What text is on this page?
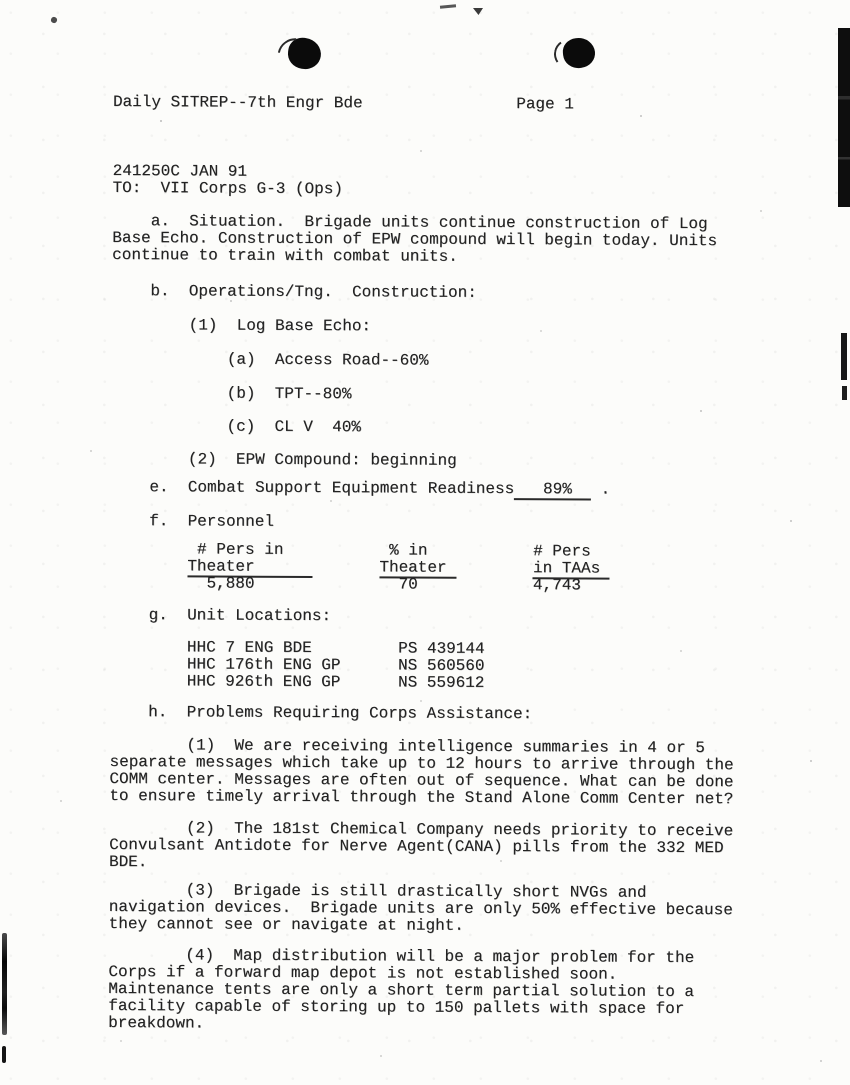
Daily SITREP--7th Engr Bde                Page 1
241250C JAN 91
TO:  VII Corps G-3 (Ops)
a.  Situation.  Brigade units continue construction of Log
Base Echo. Construction of EPW compound will begin today. Units
continue to train with combat units.
b.  Operations/Tng.  Construction:
(1)  Log Base Echo:
(a)  Access Road--60%
(b)  TPT--80%
(c)  CL V  40%
(2)  EPW Compound: beginning
e.  Combat Support Equipment Readiness   89%   .
f.  Personnel
# Pers in           % in           # Pers
Theater	Theater	in TAAs
5,880               70            4,743
g.  Unit Locations:
HHC 7 ENG BDE         PS 439144
HHC 176th ENG GP      NS 560560
HHC 926th ENG GP      NS 559612
h.  Problems Requiring Corps Assistance:
(1)  We are receiving intelligence summaries in 4 or 5
separate messages which take up to 12 hours to arrive through the
COMM center. Messages are often out of sequence. What can be done
to ensure timely arrival through the Stand Alone Comm Center net?
(2)  The 181st Chemical Company needs priority to receive
Convulsant Antidote for Nerve Agent(CANA) pills from the 332 MED
BDE.
(3)  Brigade is still drastically short NVGs and
navigation devices.  Brigade units are only 50% effective because
they cannot see or navigate at night.
(4)  Map distribution will be a major problem for the
Corps if a forward map depot is not established soon.
Maintenance tents are only a short term partial solution to a
facility capable of storing up to 150 pallets with space for
breakdown.
